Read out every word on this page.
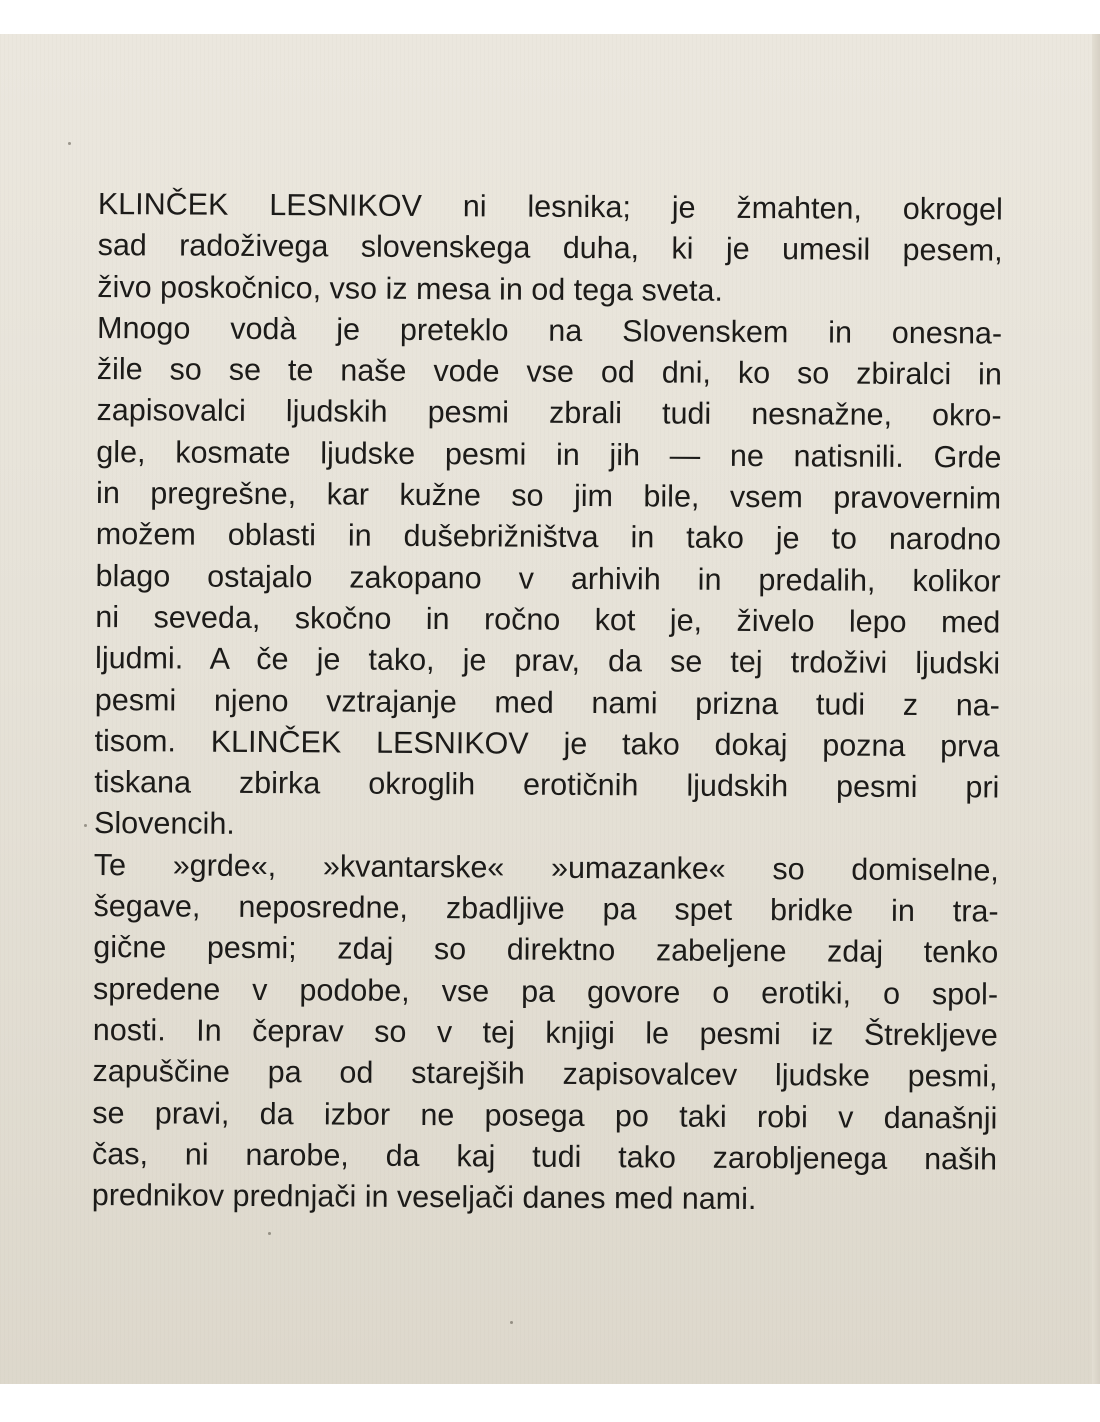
KLINČEK LESNIKOV ni lesnika; je žmahten, okrogel
sad radoživega slovenskega duha, ki je umesil pesem,
živo poskočnico, vso iz mesa in od tega sveta.
Mnogo vodà je preteklo na Slovenskem in onesna-
žile so se te naše vode vse od dni, ko so zbiralci in
zapisovalci ljudskih pesmi zbrali tudi nesnažne, okro-
gle, kosmate ljudske pesmi in jih — ne natisnili. Grde
in pregrešne, kar kužne so jim bile, vsem pravovernim
možem oblasti in dušebrižništva in tako je to narodno
blago ostajalo zakopano v arhivih in predalih, kolikor
ni seveda, skočno in ročno kot je, živelo lepo med
ljudmi. A če je tako, je prav, da se tej trdoživi ljudski
pesmi njeno vztrajanje med nami prizna tudi z na-
tisom. KLINČEK LESNIKOV je tako dokaj pozna prva
tiskana zbirka okroglih erotičnih ljudskih pesmi pri
Slovencih.
Te »grde«, »kvantarske« »umazanke« so domiselne,
šegave, neposredne, zbadljive pa spet bridke in tra-
gične pesmi; zdaj so direktno zabeljene zdaj tenko
spredene v podobe, vse pa govore o erotiki, o spol-
nosti. In čeprav so v tej knjigi le pesmi iz Štrekljeve
zapuščine pa od starejših zapisovalcev ljudske pesmi,
se pravi, da izbor ne posega po taki robi v današnji
čas, ni narobe, da kaj tudi tako zarobljenega naših
prednikov prednjači in veseljači danes med nami.
